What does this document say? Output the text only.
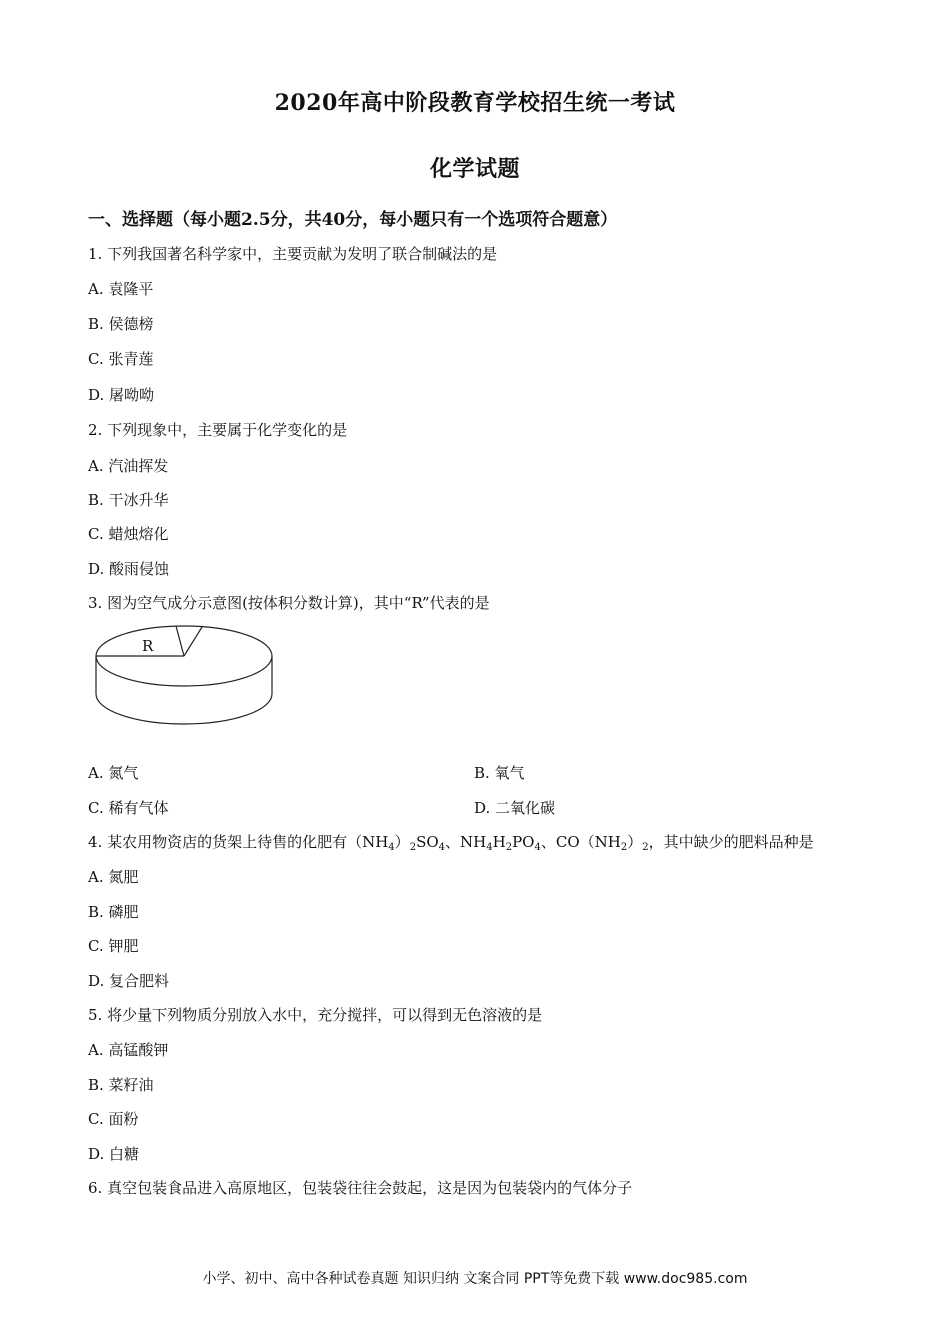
2020年高中阶段教育学校招生统一考试
化学试题
一、选择题（每小题2.5分，共40分，每小题只有一个选项符合题意）
1. 下列我国著名科学家中，主要贡献为发明了联合制碱法的是
A. 袁隆平
B. 侯德榜
C. 张青莲
D. 屠呦呦
2. 下列现象中，主要属于化学变化的是
A. 汽油挥发
B. 干冰升华
C. 蜡烛熔化
D. 酸雨侵蚀
3. 图为空气成分示意图(按体积分数计算)，其中“R”代表的是
R
A. 氮气	B. 氧气
C. 稀有气体	D. 二氧化碳
4. 某农用物资店的货架上待售的化肥有$(NH_4)_2SO_4$、$NH_4H_2PO_4$、$CO(NH_2)_2$，其中缺少的肥料品种是
A. 氮肥
B. 磷肥
C. 钾肥
D. 复合肥料
5. 将少量下列物质分别放入水中，充分搅拌，可以得到无色溶液的是
A. 高锰酸钾
B. 菜籽油
C. 面粉
D. 白糖
6. 真空包装食品进入高原地区，包装袋往往会鼓起，这是因为包装袋内的气体分子
小学、初中、高中各种试卷真题 知识归纳 文案合同 PPT等免费下载 www.doc985.com
